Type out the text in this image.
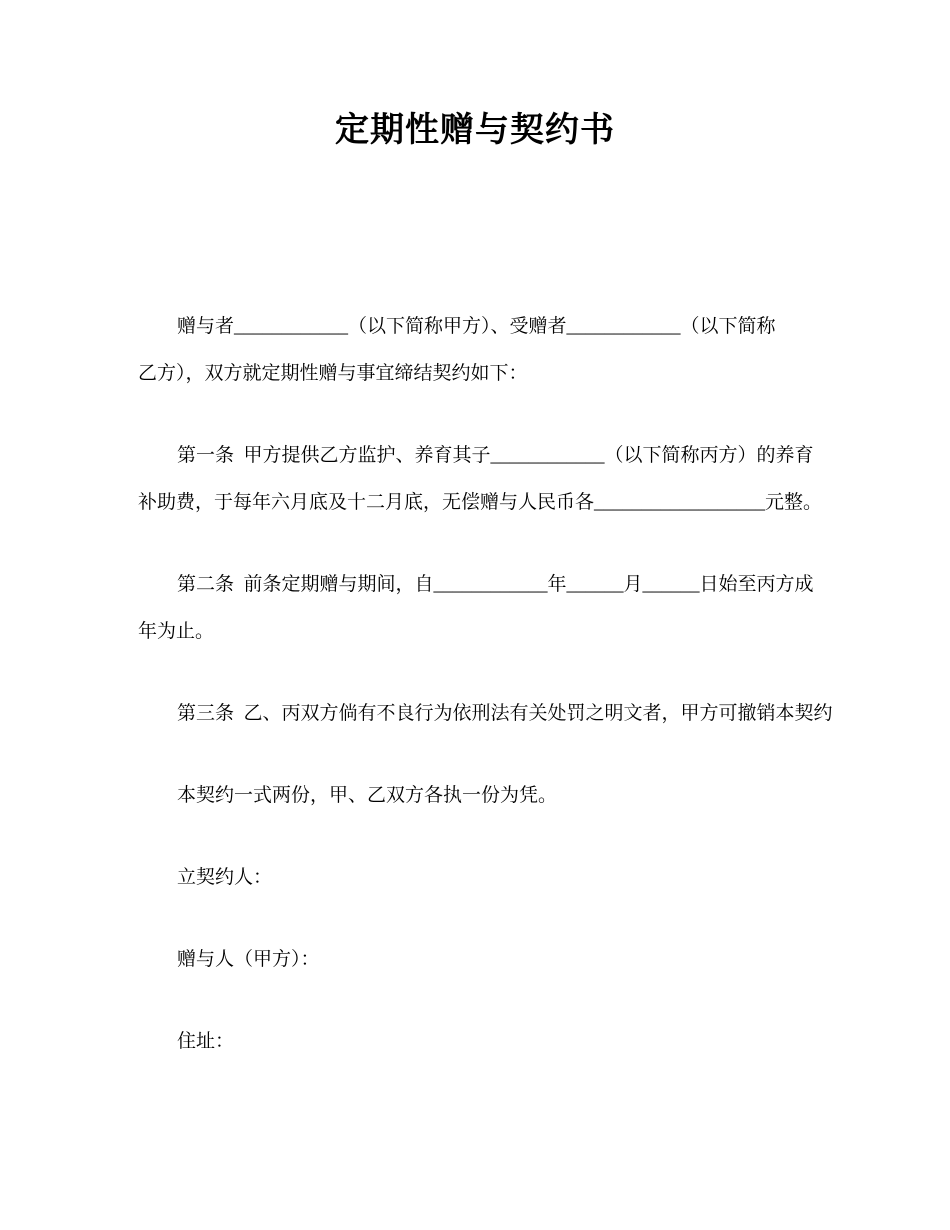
定期性赠与契约书
赠与者____________（以下简称甲方）、受赠者____________（以下简称
乙方），双方就定期性赠与事宜缔结契约如下：
第一条  甲方提供乙方监护、养育其子____________（以下简称丙方）的养育
补助费，于每年六月底及十二月底，无偿赠与人民币各__________________元整。
第二条  前条定期赠与期间，自____________年______月______日始至丙方成
年为止。
第三条  乙、丙双方倘有不良行为依刑法有关处罚之明文者，甲方可撤销本契约
本契约一式两份，甲、乙双方各执一份为凭。
立契约人：
赠与人（甲方）：
住址：
